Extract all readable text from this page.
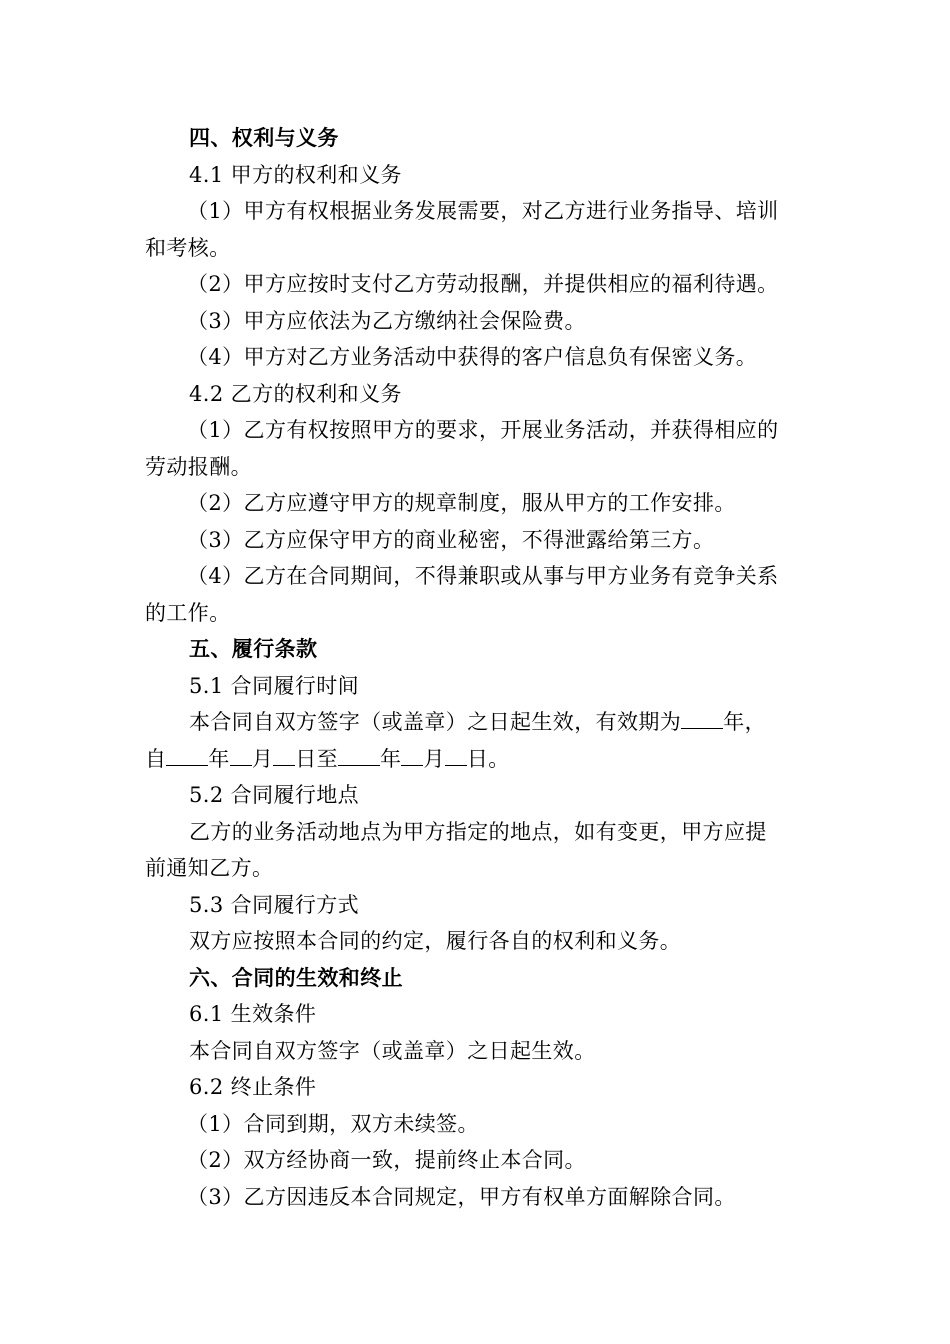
四、权利与义务
4.1 甲方的权利和义务
（1）甲方有权根据业务发展需要，对乙方进行业务指导、培训
和考核。
（2）甲方应按时支付乙方劳动报酬，并提供相应的福利待遇。
（3）甲方应依法为乙方缴纳社会保险费。
（4）甲方对乙方业务活动中获得的客户信息负有保密义务。
4.2 乙方的权利和义务
（1）乙方有权按照甲方的要求，开展业务活动，并获得相应的
劳动报酬。
（2）乙方应遵守甲方的规章制度，服从甲方的工作安排。
（3）乙方应保守甲方的商业秘密，不得泄露给第三方。
（4）乙方在合同期间，不得兼职或从事与甲方业务有竞争关系
的工作。
五、履行条款
5.1 合同履行时间
本合同自双方签字（或盖章）之日起生效，有效期为 年，
自 年 月 日至 年 月 日。
5.2 合同履行地点
乙方的业务活动地点为甲方指定的地点，如有变更，甲方应提
前通知乙方。
5.3 合同履行方式
双方应按照本合同的约定，履行各自的权利和义务。
六、合同的生效和终止
6.1 生效条件
本合同自双方签字（或盖章）之日起生效。
6.2 终止条件
（1）合同到期，双方未续签。
（2）双方经协商一致，提前终止本合同。
（3）乙方因违反本合同规定，甲方有权单方面解除合同。
